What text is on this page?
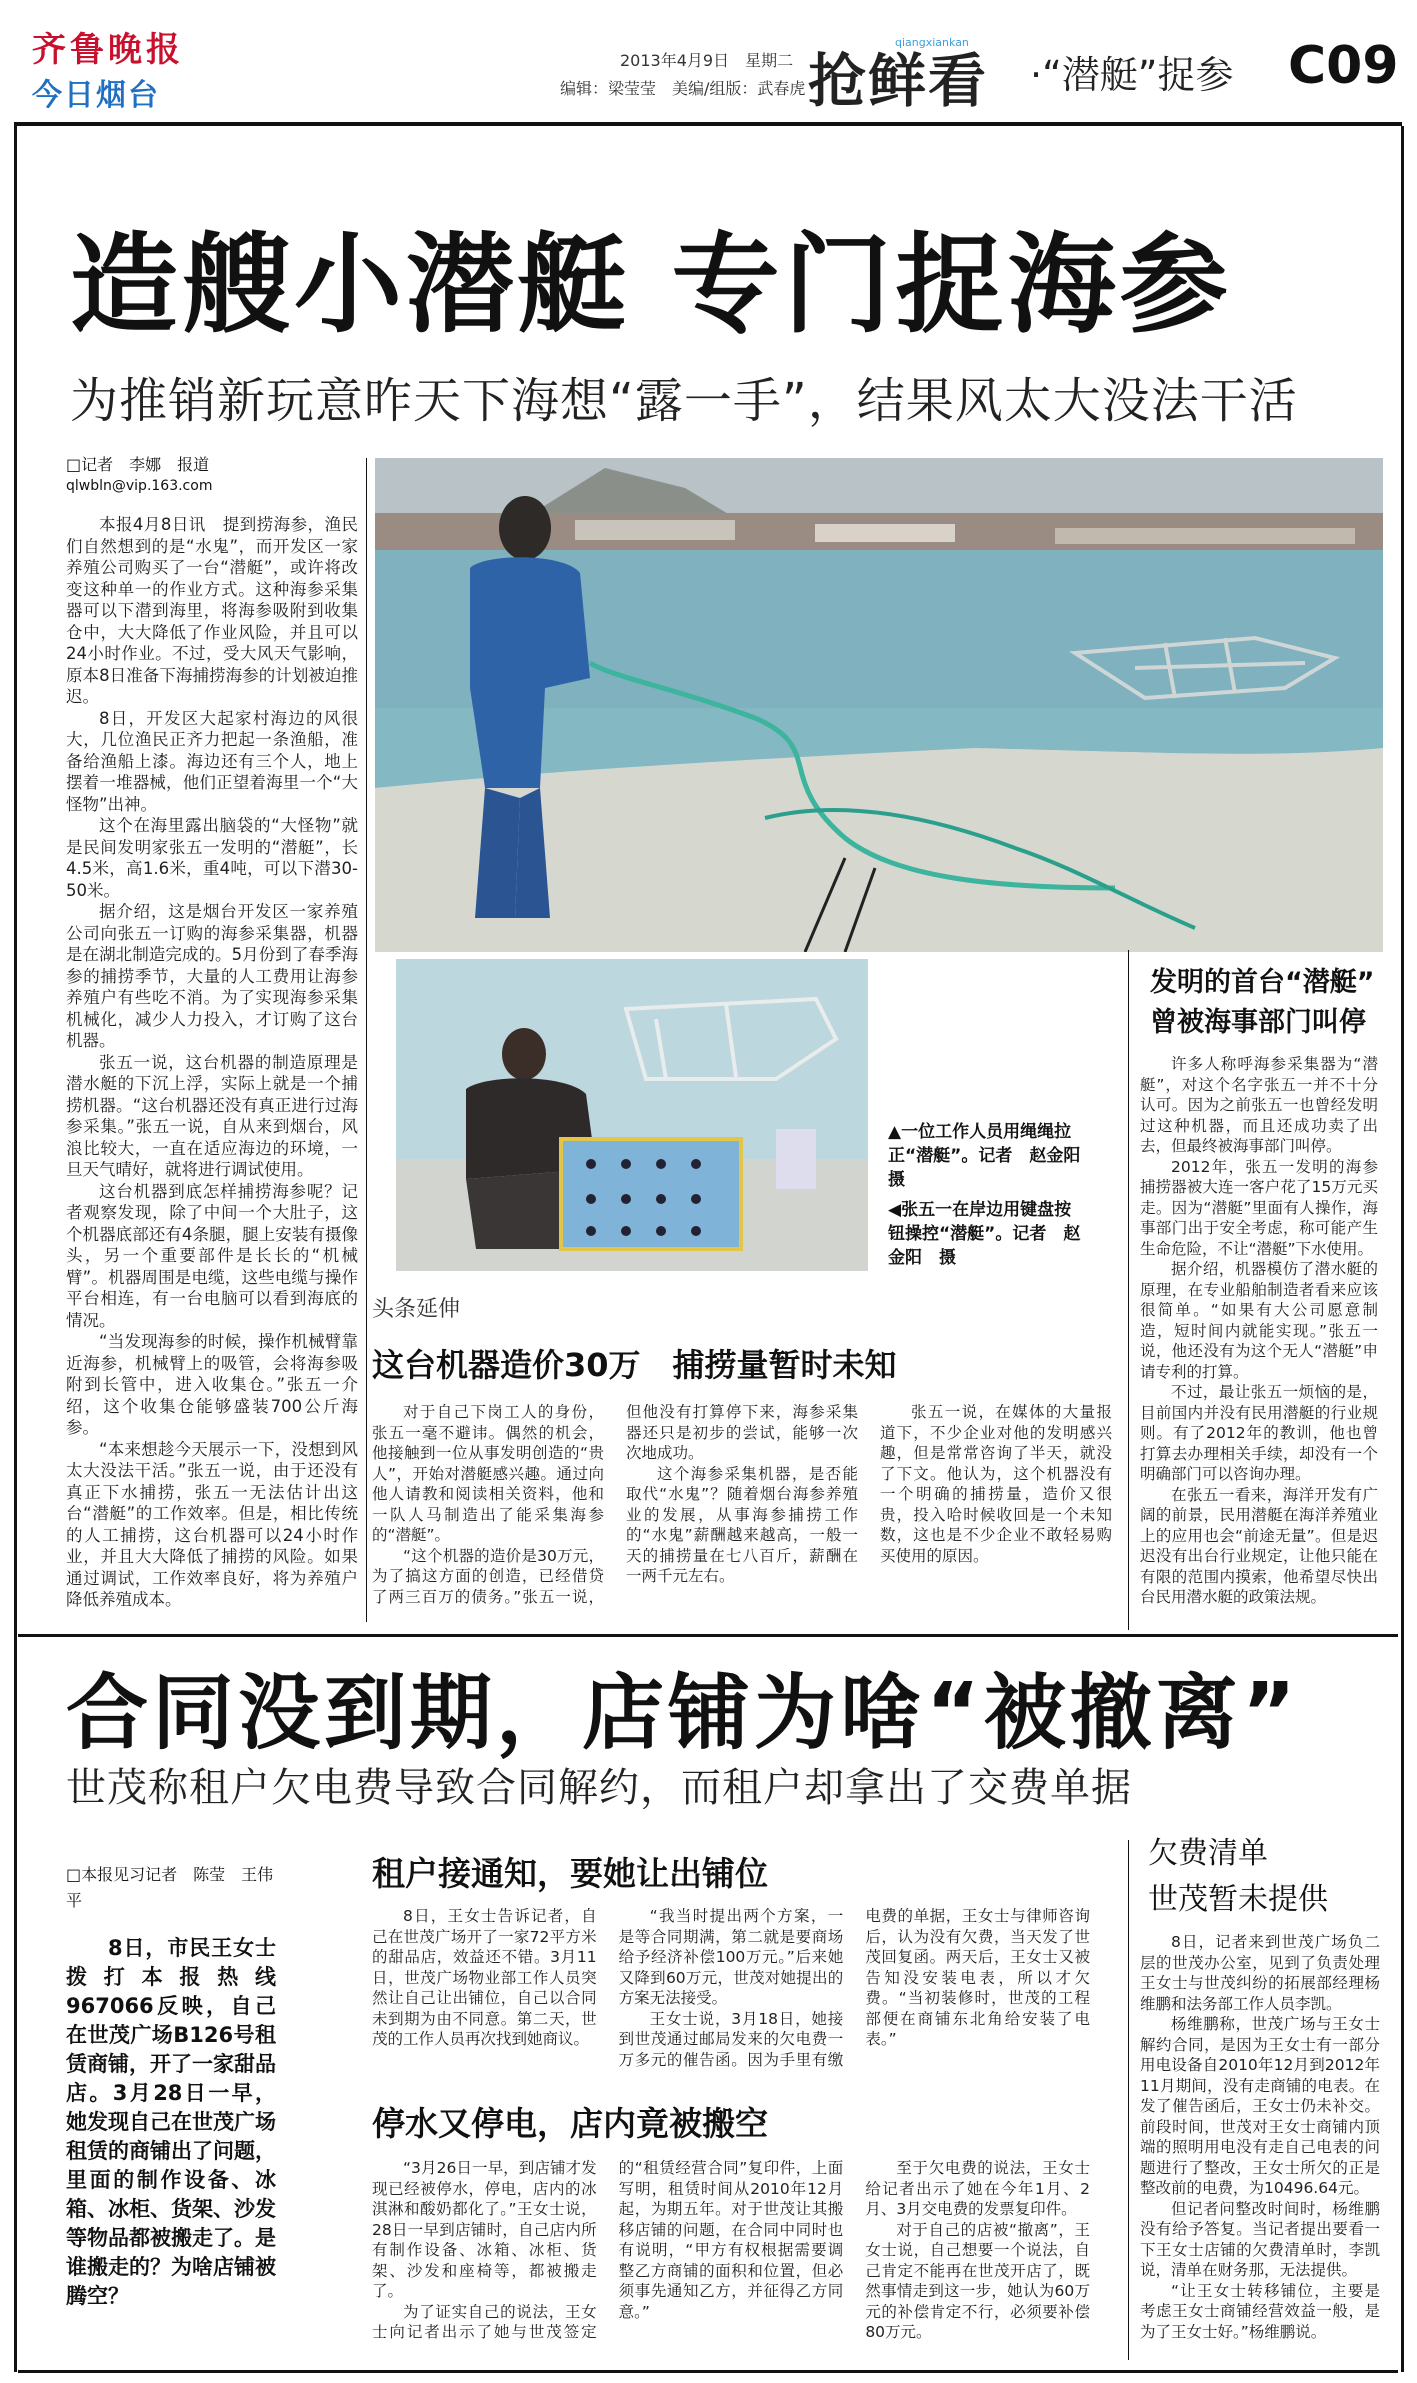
齐鲁晚报
今日烟台
2013年4月9日　星期二
编辑：梁莹莹　美编/组版：武春虎 抢鲜看
qiangxiankan
·“潜艇”捉参 C09
造艘小潜艇 专门捉海参
为推销新玩意昨天下海想“露一手”，结果风太大没法干活
□记者　李娜　报道
qlwbln@vip.163.com

本报4月8日讯　提到捞海参，渔民们自然想到的是“水鬼”，而开发区一家养殖公司购买了一台“潜艇”，或许将改变这种单一的作业方式。这种海参采集器可以下潜到海里，将海参吸附到收集仓中，大大降低了作业风险，并且可以24小时作业。不过，受大风天气影响，原本8日准备下海捕捞海参的计划被迫推迟。

8日，开发区大起家村海边的风很大，几位渔民正齐力把起一条渔船，准备给渔船上漆。海边还有三个人，地上摆着一堆器械，他们正望着海里一个“大怪物”出神。

这个在海里露出脑袋的“大怪物”就是民间发明家张五一发明的“潜艇”，长4.5米，高1.6米，重4吨，可以下潜30-50米。

据介绍，这是烟台开发区一家养殖公司向张五一订购的海参采集器，机器是在湖北制造完成的。5月份到了春季海参的捕捞季节，大量的人工费用让海参养殖户有些吃不消。为了实现海参采集机械化，减少人力投入，才订购了这台机器。

张五一说，这台机器的制造原理是潜水艇的下沉上浮，实际上就是一个捕捞机器。“这台机器还没有真正进行过海参采集。”张五一说，自从来到烟台，风浪比较大，一直在适应海边的环境，一旦天气晴好，就将进行调试使用。

这台机器到底怎样捕捞海参呢？记者观察发现，除了中间一个大肚子，这个机器底部还有4条腿，腿上安装有摄像头，另一个重要部件是长长的“机械臂”。机器周围是电缆，这些电缆与操作平台相连，有一台电脑可以看到海底的情况。

“当发现海参的时候，操作机械臂靠近海参，机械臂上的吸管，会将海参吸附到长管中，进入收集仓。”张五一介绍，这个收集仓能够盛装700公斤海参。

“本来想趁今天展示一下，没想到风太大没法干活。”张五一说，由于还没有真正下水捕捞，张五一无法估计出这台“潜艇”的工作效率。但是，相比传统的人工捕捞，这台机器可以24小时作业，并且大大降低了捕捞的风险。如果通过调试，工作效率良好，将为养殖户降低养殖成本。

▲一位工作人员用绳绳拉正“潜艇”。记者　赵金阳　摄
◀张五一在岸边用键盘按钮操控“潜艇”。记者　赵金阳　摄
发明的首台“潜艇”
曾被海事部门叫停

许多人称呼海参采集器为“潜艇”，对这个名字张五一并不十分认可。因为之前张五一也曾经发明过这种机器，而且还成功卖了出去，但最终被海事部门叫停。

2012年，张五一发明的海参捕捞器被大连一客户花了15万元买走。因为“潜艇”里面有人操作，海事部门出于安全考虑，称可能产生生命危险，不让“潜艇”下水使用。

据介绍，机器模仿了潜水艇的原理，在专业船舶制造者看来应该很简单。“如果有大公司愿意制造，短时间内就能实现。”张五一说，他还没有为这个无人“潜艇”申请专利的打算。

不过，最让张五一烦恼的是，目前国内并没有民用潜艇的行业规则。有了2012年的教训，他也曾打算去办理相关手续，却没有一个明确部门可以咨询办理。

在张五一看来，海洋开发有广阔的前景，民用潜艇在海洋养殖业上的应用也会“前途无量”。但是迟迟没有出台行业规定，让他只能在有限的范围内摸索，他希望尽快出台民用潜水艇的政策法规。

头条延伸
这台机器造价30万　捕捞量暂时未知

对于自己下岗工人的身份，张五一毫不避讳。偶然的机会，他接触到一位从事发明创造的“贵人”，开始对潜艇感兴趣。通过向他人请教和阅读相关资料，他和一队人马制造出了能采集海参的“潜艇”。

“这个机器的造价是30万元，为了搞这方面的创造，已经借贷了两三百万的债务。”张五一说，但他没有打算停下来，海参采集器还只是初步的尝试，能够一次次地成功。

这个海参采集机器，是否能取代“水鬼”？随着烟台海参养殖业的发展，从事海参捕捞工作的“水鬼”薪酬越来越高，一般一天的捕捞量在七八百斤，薪酬在一两千元左右。

张五一说，在媒体的大量报道下，不少企业对他的发明感兴趣，但是常常咨询了半天，就没了下文。他认为，这个机器没有一个明确的捕捞量，造价又很贵，投入哈时候收回是一个未知数，这也是不少企业不敢轻易购买使用的原因。

合同没到期，店铺为啥“被撤离”
世茂称租户欠电费导致合同解约，而租户却拿出了交费单据
□本报见习记者　陈莹　王伟平
8日，市民王女士拨打本报热线967066反映，自己在世茂广场B126号租赁商铺，开了一家甜品店。3月28日一早，她发现自己在世茂广场租赁的商铺出了问题，里面的制作设备、冰箱、冰柜、货架、沙发等物品都被搬走了。是谁搬走的？为啥店铺被腾空？
租户接通知，要她让出铺位

8日，王女士告诉记者，自己在世茂广场开了一家72平方米的甜品店，效益还不错。3月11日，世茂广场物业部工作人员突然让自己让出铺位，自己以合同未到期为由不同意。第二天，世茂的工作人员再次找到她商议。

“我当时提出两个方案，一是等合同期满，第二就是要商场给予经济补偿100万元。”后来她又降到60万元，世茂对她提出的方案无法接受。

王女士说，3月18日，她接到世茂通过邮局发来的欠电费一万多元的催告函。因为手里有缴电费的单据，王女士与律师咨询后，认为没有欠费，当天发了世茂回复函。两天后，王女士又被告知没安装电表，所以才欠费。“当初装修时，世茂的工程部便在商铺东北角给安装了电表。”

停水又停电，店内竟被搬空

“3月26日一早，到店铺才发现已经被停水，停电，店内的冰淇淋和酸奶都化了。”王女士说，28日一早到店铺时，自己店内所有制作设备、冰箱、冰柜、货架、沙发和座椅等，都被搬走了。

为了证实自己的说法，王女士向记者出示了她与世茂签定的“租赁经营合同”复印件，上面写明，租赁时间从2010年12月起，为期五年。对于世茂让其搬移店铺的问题，在合同中同时也有说明，“甲方有权根据需要调整乙方商铺的面积和位置，但必须事先通知乙方，并征得乙方同意。”

至于欠电费的说法，王女士给记者出示了她在今年1月、2月、3月交电费的发票复印件。

对于自己的店被“撤离”，王女士说，自己想要一个说法，自己肯定不能再在世茂开店了，既然事情走到这一步，她认为60万元的补偿肯定不行，必须要补偿80万元。

欠费清单
世茂暂未提供

8日，记者来到世茂广场负二层的世茂办公室，见到了负责处理王女士与世茂纠纷的拓展部经理杨维鹏和法务部工作人员李凯。

杨维鹏称，世茂广场与王女士解约合同，是因为王女士有一部分用电设备自2010年12月到2012年11月期间，没有走商铺的电表。在发了催告函后，王女士仍未补交。前段时间，世茂对王女士商铺内顶端的照明用电没有走自己电表的问题进行了整改，王女士所欠的正是整改前的电费，为10496.64元。

但记者问整改时间时，杨维鹏没有给予答复。当记者提出要看一下王女士店铺的欠费清单时，李凯说，清单在财务那，无法提供。

“让王女士转移铺位，主要是考虑王女士商铺经营效益一般，是为了王女士好。”杨维鹏说。
